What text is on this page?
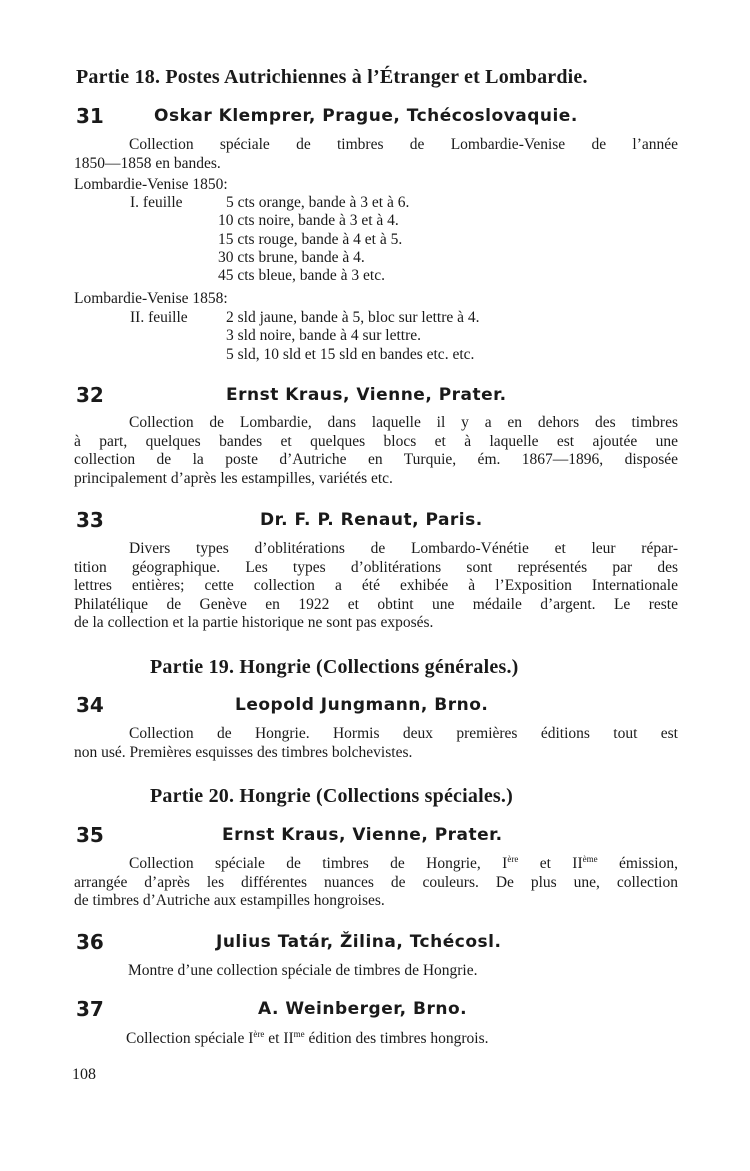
Partie 18. Postes Autrichiennes à l’Étranger et Lombardie.
31	Oskar Klemprer, Prague, Tchécoslovaquie.
Collection spéciale de timbres de Lombardie-Venise de l’année
1850—1858 en bandes.
Lombardie-Venise 1850:
I. feuille	5 cts orange, bande à 3 et à 6.
10 cts noire, bande à 3 et à 4.
15 cts rouge, bande à 4 et à 5.
30 cts brune, bande à 4.
45 cts bleue, bande à 3 etc.
Lombardie-Venise 1858:
II. feuille 2 sld jaune, bande à 5, bloc sur lettre à 4.
3 sld noire, bande à 4 sur lettre.
5 sld, 10 sld et 15 sld en bandes etc. etc.
32	Ernst Kraus, Vienne, Prater.
Collection de Lombardie, dans laquelle il y a en dehors des timbres
à part, quelques bandes et quelques blocs et à laquelle est ajoutée une
collection de la poste d’Autriche en Turquie, ém. 1867—1896, disposée
principalement d’après les estampilles, variétés etc.
33	Dr. F. P. Renaut, Paris.
Divers types d’oblitérations de Lombardo-Vénétie et leur répar-
tition géographique. Les types d’oblitérations sont représentés par des
lettres entières; cette collection a été exhibée à l’Exposition Internationale
Philatélique de Genève en 1922 et obtint une médaile d’argent. Le reste
de la collection et la partie historique ne sont pas exposés.
Partie 19. Hongrie (Collections générales.)
34	Leopold Jungmann, Brno.
Collection de Hongrie. Hormis deux premières éditions tout est
non usé. Premières esquisses des timbres bolchevistes.
Partie 20. Hongrie (Collections spéciales.)
35	Ernst Kraus, Vienne, Prater.
Collection spéciale de timbres de Hongrie, Ière et IIème émission,
arrangée d’après les différentes nuances de couleurs. De plus une, collection
de timbres d’Autriche aux estampilles hongroises.
36	Julius Tatár, Žilina, Tchécosl.
Montre d’une collection spéciale de timbres de Hongrie.
37	A. Weinberger, Brno.
Collection spéciale Ière et $II^{me}$ édition des timbres hongrois.
108
